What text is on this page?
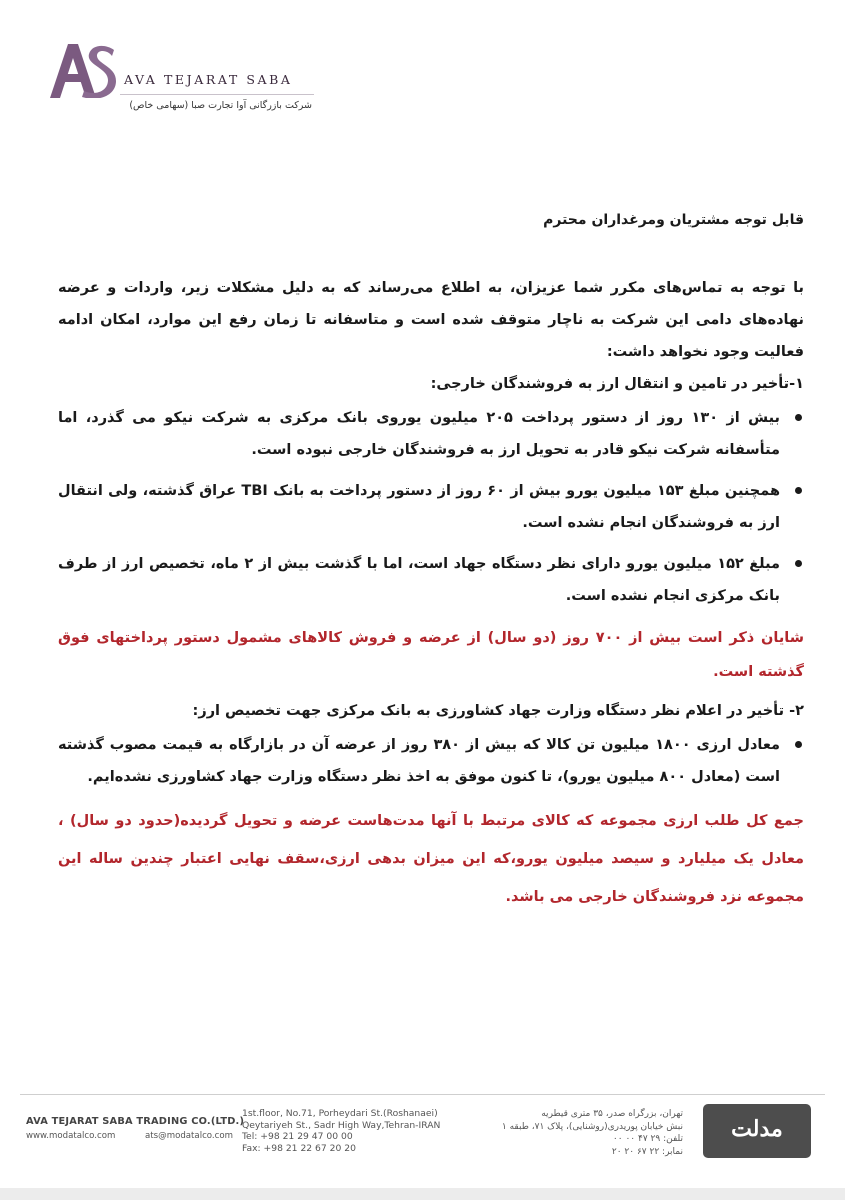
AVA TEJARAT SABA
شرکت بازرگانی آوا تجارت صبا (سهامی خاص)

قابل توجه مشتریان ومرغداران محترم

با توجه به تماس‌های مکرر شما عزیزان، به اطلاع می‌رساند که به دلیل مشکلات زیر، واردات و عرضه نهاده‌های دامی این شرکت به ناچار متوقف شده است و متاسفانه تا زمان رفع این موارد، امکان ادامه فعالیت وجود نخواهد داشت:

۱-تأخیر در تامین و انتقال ارز به فروشندگان خارجی:

بیش از ۱۳۰ روز از دستور پرداخت ۲۰۵ میلیون یوروی بانک مرکزی به شرکت نیکو می گذرد، اما متأسفانه شرکت نیکو قادر به تحویل ارز به فروشندگان خارجی نبوده است.
همچنین مبلغ ۱۵۳ میلیون یورو بیش از ۶۰ روز از دستور پرداخت به بانک TBI عراق گذشته، ولی انتقال ارز به فروشندگان انجام نشده است.
مبلغ ۱۵۲ میلیون یورو دارای نظر دستگاه جهاد است، اما با گذشت بیش از ۲ ماه، تخصیص ارز از طرف بانک مرکزی انجام نشده است.

شایان ذکر است بیش از ۷۰۰ روز (دو سال) از عرضه و فروش کالاهای مشمول دستور پرداختهای فوق گذشته است.

۲- تأخیر در اعلام نظر دستگاه وزارت جهاد کشاورزی به بانک مرکزی جهت تخصیص ارز:

معادل ارزی ۱۸۰۰ میلیون تن کالا که بیش از ۳۸۰ روز از عرضه آن در بازارگاه به قیمت مصوب گذشته است (معادل ۸۰۰ میلیون یورو)، تا کنون موفق به اخذ نظر دستگاه وزارت جهاد کشاورزی نشده‌ایم.

جمع کل طلب ارزی مجموعه که کالای مرتبط با آنها مدت‌هاست عرضه و تحویل گردیده(حدود دو سال) ، معادل یک میلیارد و سیصد میلیون یورو،که این میزان بدهی ارزی،سقف نهایی اعتبار چندین ساله این مجموعه نزد فروشندگان خارجی می باشد.

AVA TEJARAT SABA TRADING CO.(LTD.)
www.modatalco.com	ats@modatalco.com
1st.floor, No.71, Porheydari St.(Roshanaei)
Qeytariyeh St., Sadr High Way,Tehran-IRAN
Tel: +98 21 29 47 00 00
Fax: +98 21 22 67 20 20
تهران، بزرگراه صدر، ۳۵ متری قیطریه
نبش خیابان پوریدری(روشنایی)، پلاک ۷۱، طبقه ۱
تلفن: ۲۹ ۴۷ ۰۰ ۰۰
نمابر: ۲۲ ۶۷ ۲۰ ۲۰
مدلت
